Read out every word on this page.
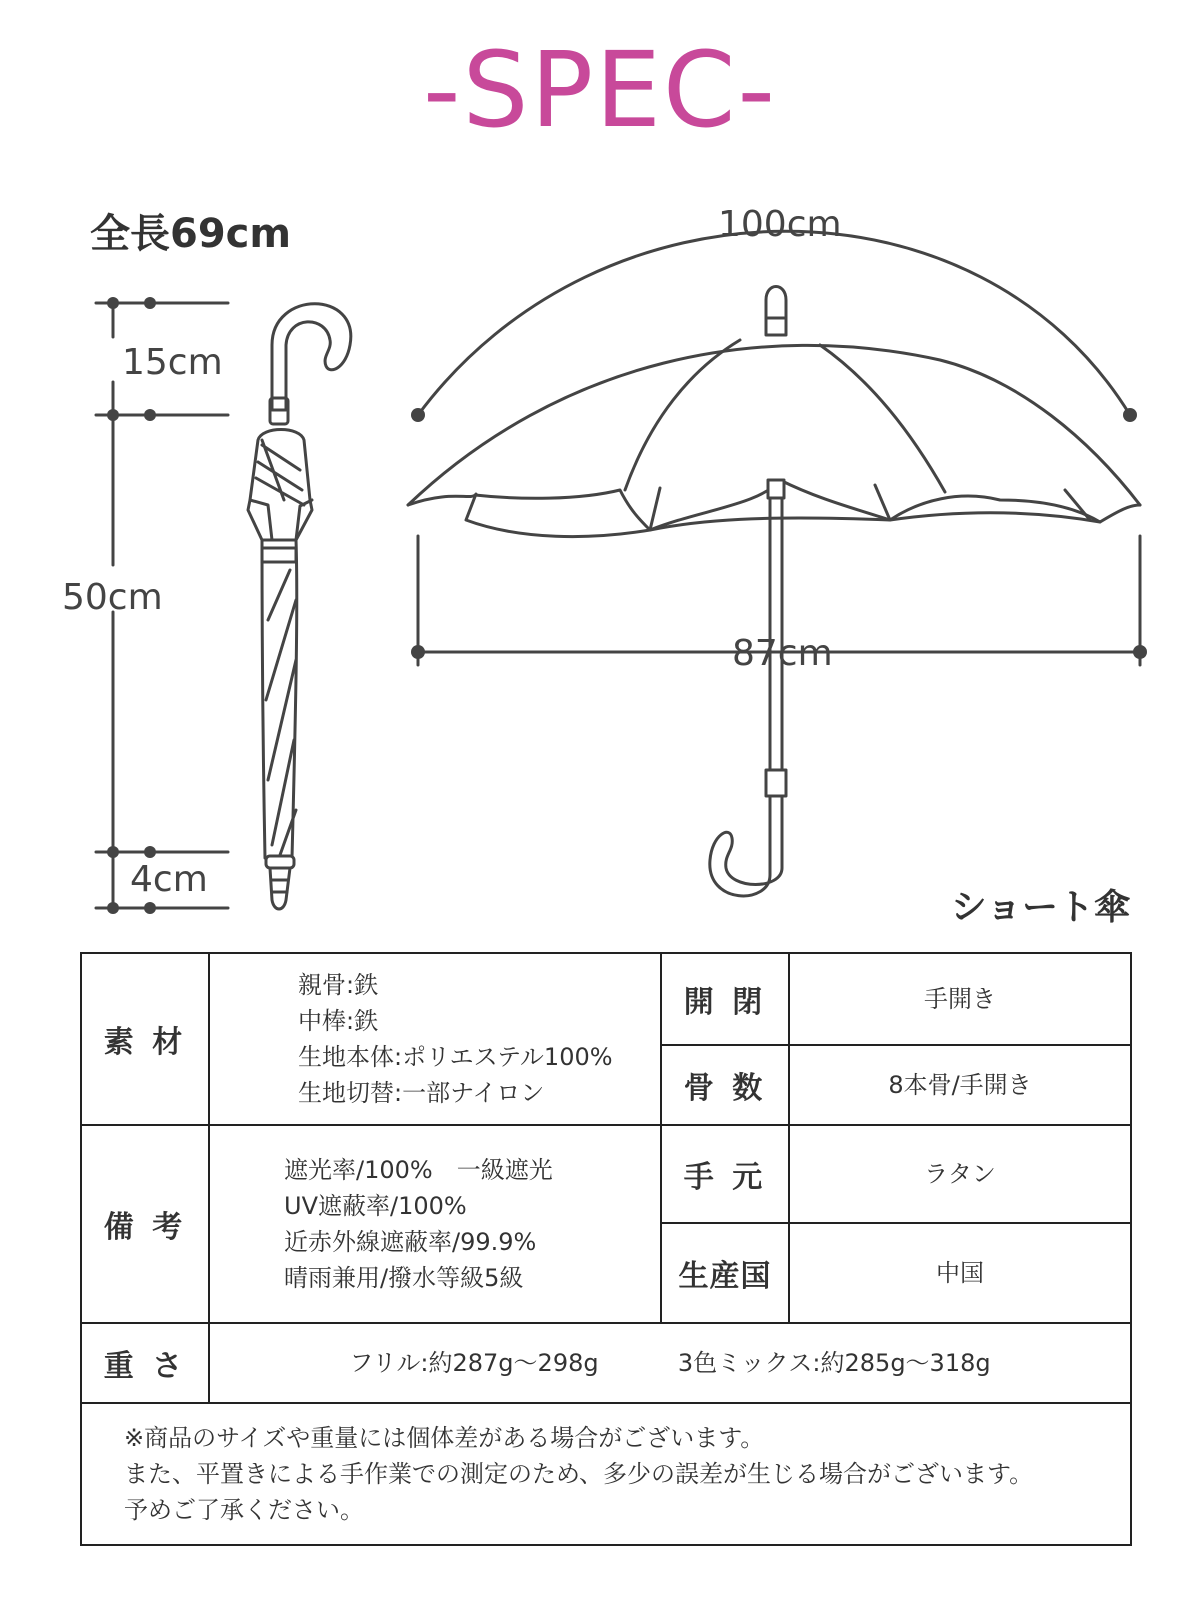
-SPEC-
全長69cm
15cm
50cm
4cm
100cm
87cm
ショート傘
素 材	親骨:鉄
中棒:鉄
生地本体:ポリエステル100%
生地切替:一部ナイロン	開 閉	手開き
		骨 数	8本骨/手開き
備 考	遮光率/100%　一級遮光
UV遮蔽率/100%
近赤外線遮蔽率/99.9%
晴雨兼用/撥水等級5級	手 元	ラタン
		生産国	中国
重 さ	フリル:約287g〜298g 3色ミックス:約285g〜318g		

※商品のサイズや重量には個体差がある場合がございます。
また、平置きによる手作業での測定のため、多少の誤差が生じる場合がございます。
予めご了承ください。			
